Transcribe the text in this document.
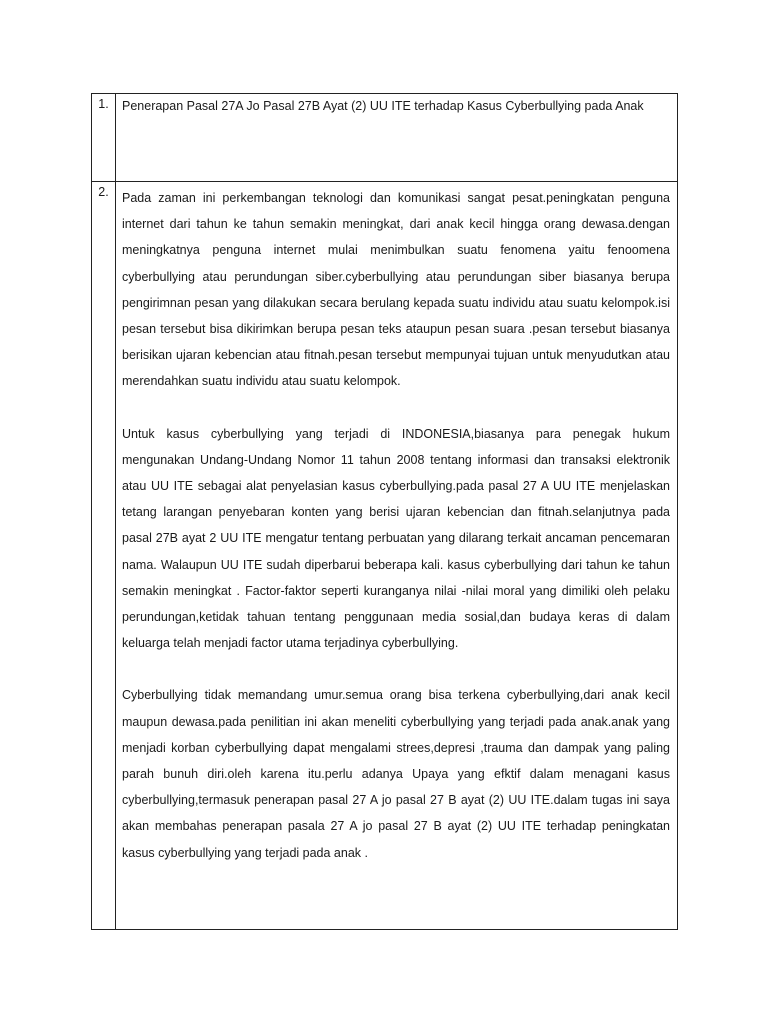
1.	Penerapan Pasal 27A Jo Pasal 27B Ayat (2) UU ITE terhadap Kasus Cyberbullying pada Anak

2.	Pada zaman ini perkembangan teknologi dan komunikasi sangat pesat.peningkatan penguna internet dari tahun ke tahun semakin meningkat, dari anak kecil hingga orang dewasa.dengan meningkatnya penguna internet mulai menimbulkan suatu fenomena yaitu fenoomena cyberbullying atau perundungan siber.cyberbullying atau perundungan siber biasanya berupa pengirimnan pesan yang dilakukan secara berulang kepada suatu individu atau suatu kelompok.isi pesan tersebut bisa dikirimkan berupa pesan teks ataupun pesan suara .pesan tersebut biasanya berisikan ujaran kebencian atau fitnah.pesan tersebut mempunyai tujuan untuk menyudutkan atau merendahkan suatu individu atau suatu kelompok.

Untuk kasus cyberbullying yang terjadi di INDONESIA,biasanya para penegak hukum mengunakan Undang-Undang Nomor 11 tahun 2008 tentang informasi dan transaksi elektronik atau UU ITE sebagai alat penyelasian kasus cyberbullying.pada pasal 27 A UU ITE menjelaskan tetang larangan penyebaran konten yang berisi ujaran kebencian dan fitnah.selanjutnya pada pasal 27B ayat 2 UU ITE mengatur tentang perbuatan yang dilarang terkait ancaman pencemaran nama. Walaupun UU ITE sudah diperbarui beberapa kali. kasus cyberbullying dari tahun ke tahun semakin meningkat . Factor-faktor seperti kuranganya nilai -nilai moral yang dimiliki oleh pelaku perundungan,ketidak tahuan tentang penggunaan media sosial,dan budaya keras di dalam keluarga telah menjadi factor utama terjadinya cyberbullying.

Cyberbullying tidak memandang umur.semua orang bisa terkena cyberbullying,dari anak kecil maupun dewasa.pada penilitian ini akan meneliti cyberbullying yang terjadi pada anak.anak yang menjadi korban cyberbullying dapat mengalami strees,depresi ,trauma dan dampak yang paling parah bunuh diri.oleh karena itu.perlu adanya Upaya yang efktif dalam menagani kasus cyberbullying,termasuk penerapan pasal 27 A jo pasal 27 B ayat (2) UU ITE.dalam tugas ini saya akan membahas penerapan pasala 27 A jo pasal 27 B ayat (2) UU ITE terhadap peningkatan kasus cyberbullying yang terjadi pada anak .
